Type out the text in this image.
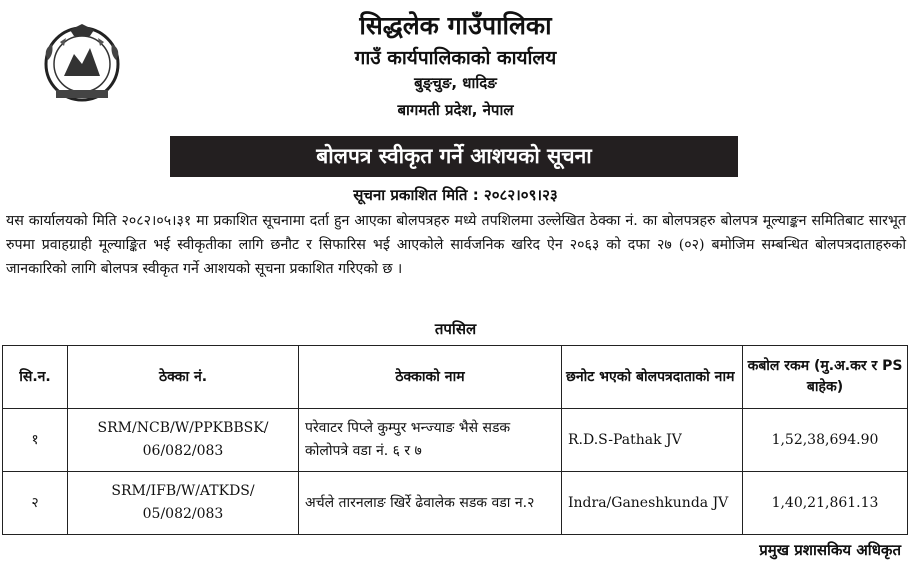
सिद्धलेक गाउँपालिका
गाउँ कार्यपालिकाको कार्यालय
बुङ्चुङ, धादिङ
बागमती प्रदेश, नेपाल
बोलपत्र स्वीकृत गर्ने आशयको सूचना
सूचना प्रकाशित मिति : २०८२।०९।२३
यस कार्यालयको मिति २०८२।०५।३१ मा प्रकाशित सूचनामा दर्ता हुन आएका बोलपत्रहरु मध्ये तपशिलमा उल्लेखित ठेक्का नं. का बोलपत्रहरु बोलपत्र मूल्याङ्कन समितिबाट सारभूत रुपमा प्रवाहग्राही मूल्याङ्कित भई स्वीकृतीका लागि छनौट र सिफारिस भई आएकोले सार्वजनिक खरिद ऐन २०६३ को दफा २७ (०२) बमोजिम सम्बन्धित बोलपत्रदाताहरुको जानकारिको लागि बोलपत्र स्वीकृत गर्ने आशयको सूचना प्रकाशित गरिएको छ ।
तपसिल
सि.न.	ठेक्का नं.	ठेक्काको नाम	छनोट भएको बोलपत्रदाताको नाम	कबोल रकम (मु.अ.कर र PS बाहेक)
१	SRM/NCB/W/PPKBBSK/ 06/082/083	परेवाटर पिप्ले कुम्पुर भन्ज्याङ भैसे सडक कोलोपत्रे वडा नं. ६ र ७	R.D.S-Pathak JV	1,52,38,694.90
२	SRM/IFB/W/ATKDS/ 05/082/083	अर्चले तारनलाङ खिर्रे ढेवालेक सडक वडा न.२	Indra/Ganeshkunda JV	1,40,21,861.13
प्रमुख प्रशासकिय अधिकृत
